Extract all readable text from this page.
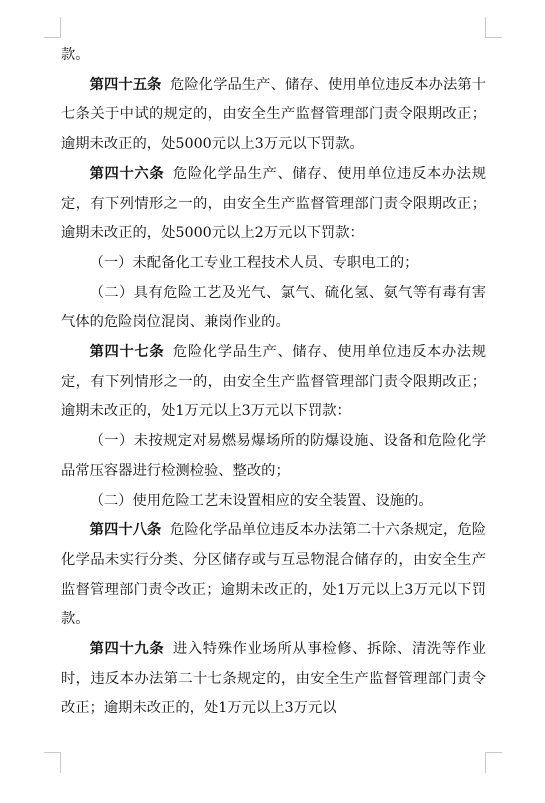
款。

第四十五条 危险化学品生产、储存、使用单位违反本办法第十七条关于中试的规定的，由安全生产监督管理部门责令限期改正；逾期未改正的，处5000元以上3万元以下罚款。

第四十六条 危险化学品生产、储存、使用单位违反本办法规定，有下列情形之一的，由安全生产监督管理部门责令限期改正；逾期未改正的，处5000元以上2万元以下罚款：

（一）未配备化工专业工程技术人员、专职电工的；

（二）具有危险工艺及光气、氯气、硫化氢、氨气等有毒有害气体的危险岗位混岗、兼岗作业的。

第四十七条 危险化学品生产、储存、使用单位违反本办法规定，有下列情形之一的，由安全生产监督管理部门责令限期改正；逾期未改正的，处1万元以上3万元以下罚款：

（一）未按规定对易燃易爆场所的防爆设施、设备和危险化学品常压容器进行检测检验、整改的；

（二）使用危险工艺未设置相应的安全装置、设施的。

第四十八条 危险化学品单位违反本办法第二十六条规定，危险化学品未实行分类、分区储存或与互忌物混合储存的，由安全生产监督管理部门责令改正；逾期未改正的，处1万元以上3万元以下罚款。

第四十九条 进入特殊作业场所从事检修、拆除、清洗等作业时，违反本办法第二十七条规定的，由安全生产监督管理部门责令改正；逾期未改正的，处1万元以上3万元以
